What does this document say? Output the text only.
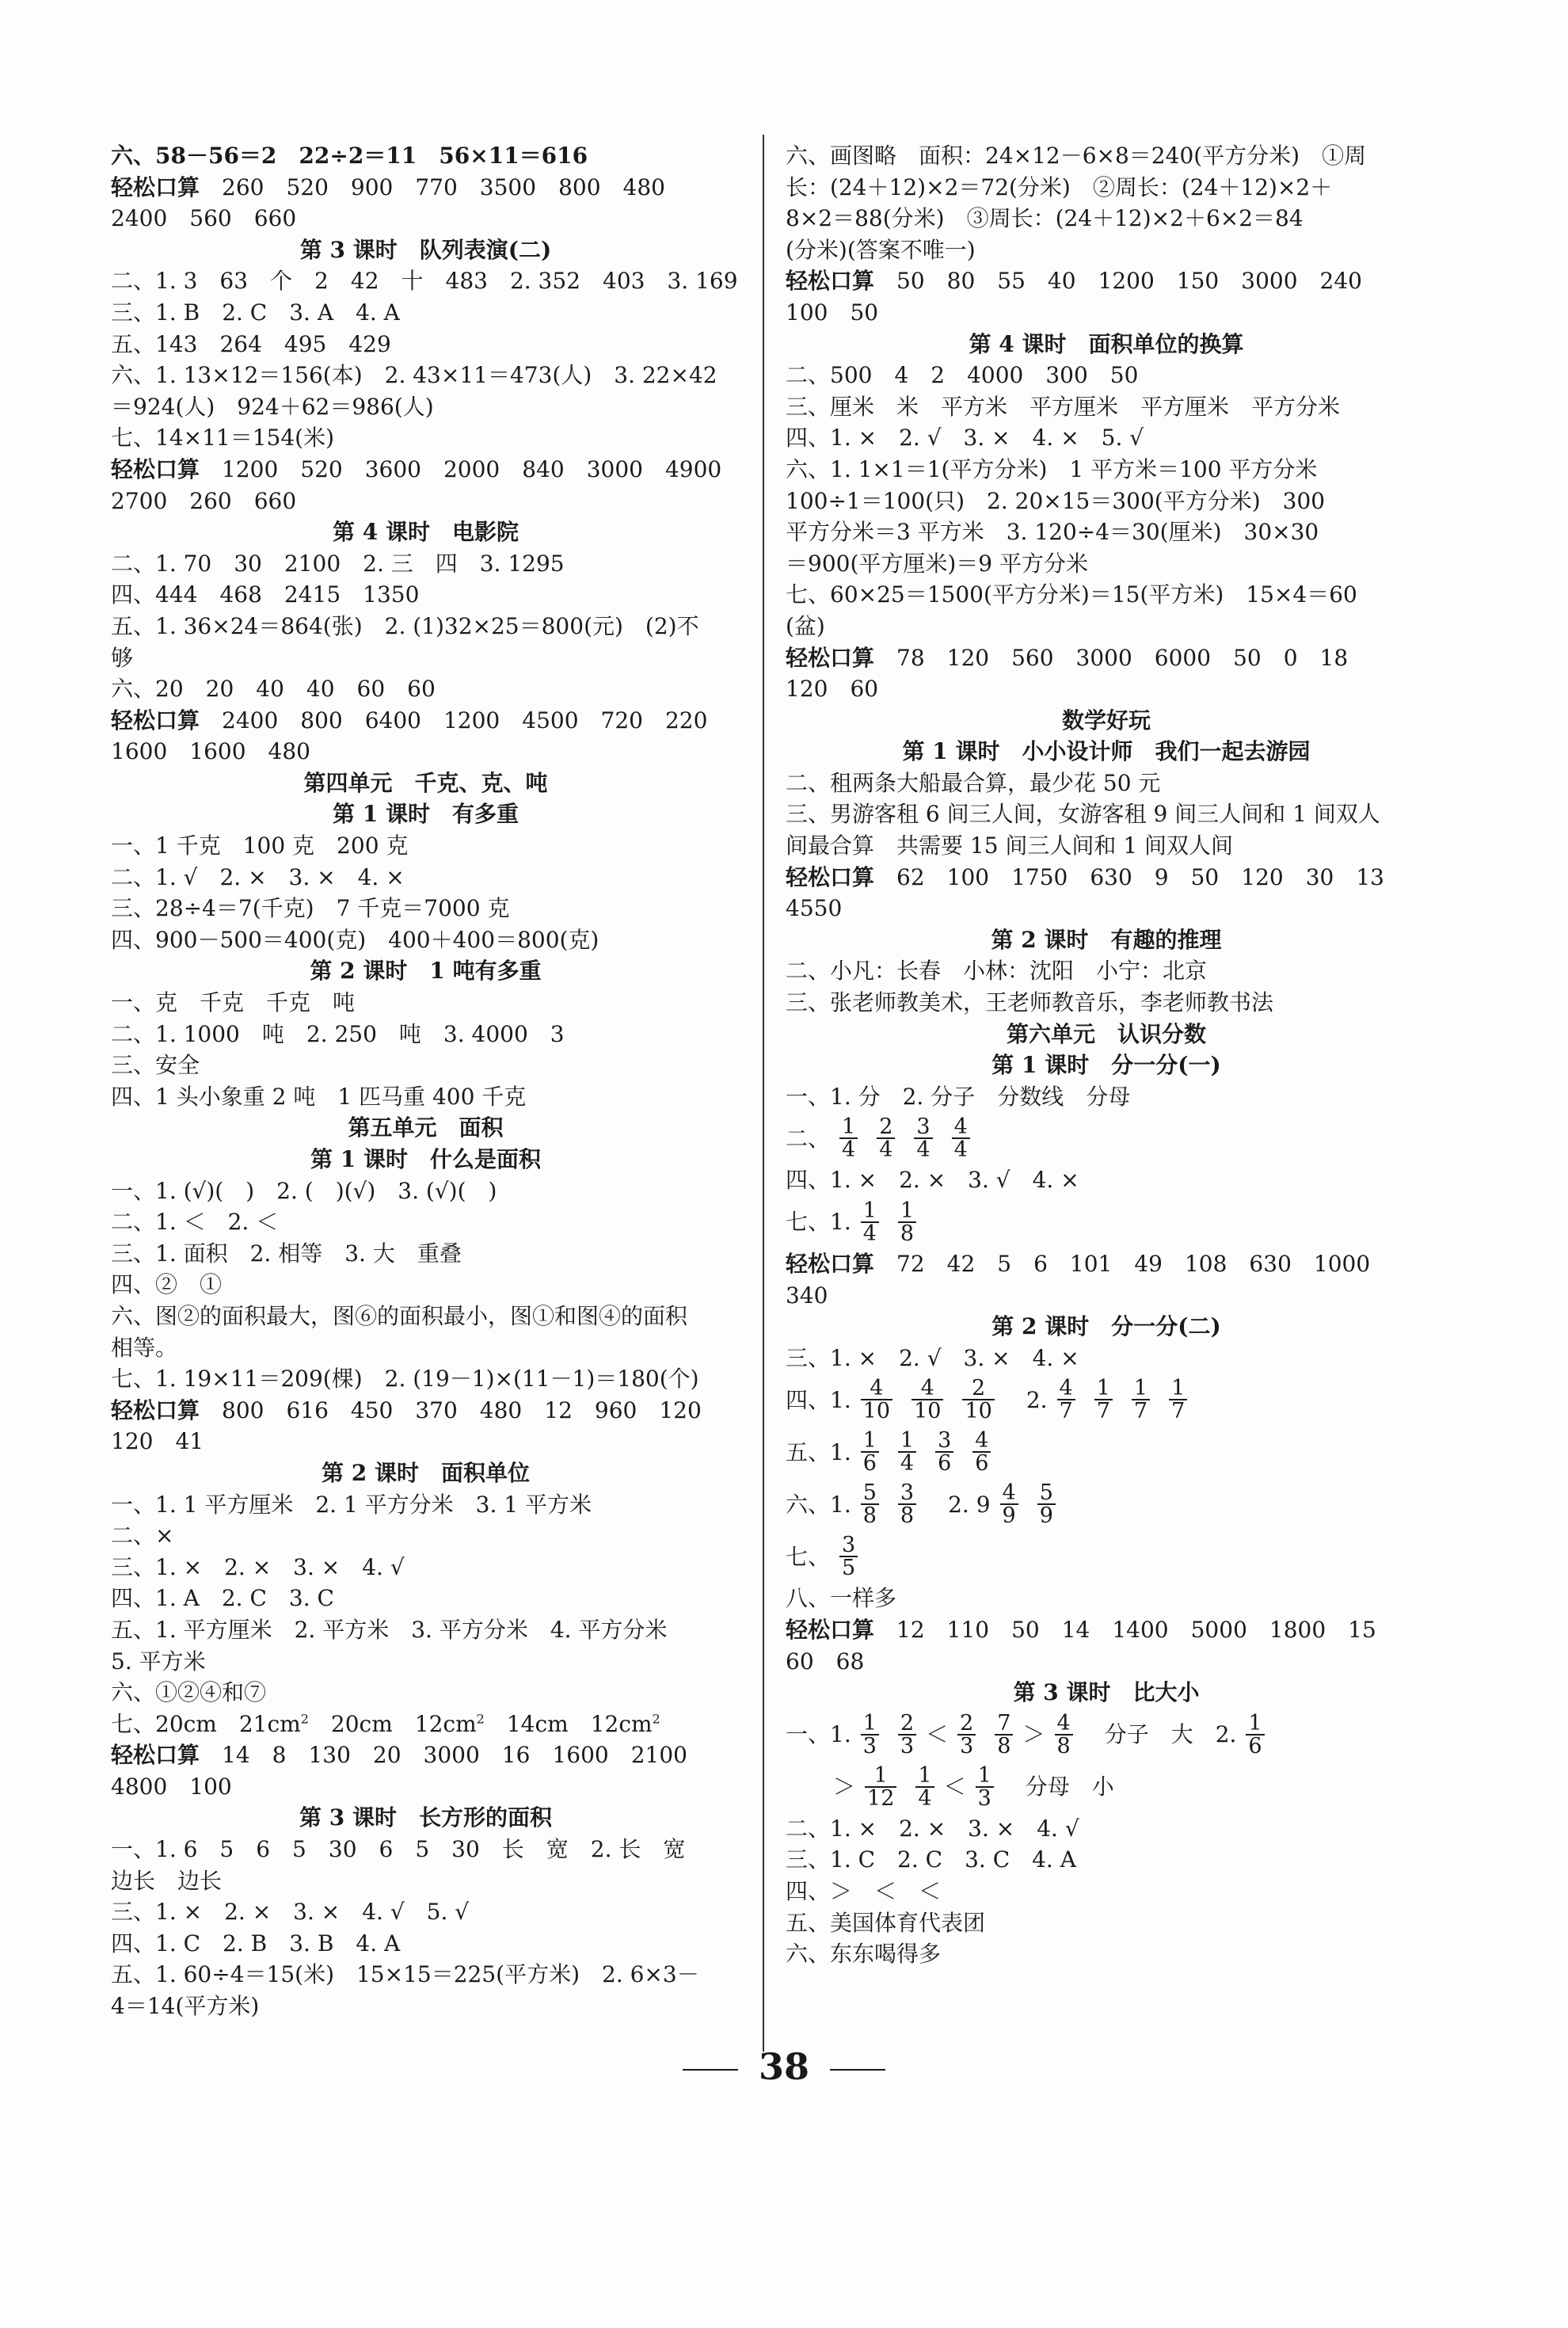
六、58－56＝2　22÷2＝11　56×11＝616
轻松口算　 260　520　900　770　3500　800　480
2400　560　660
第 3 课时　队列表演(二)
二、1. 3　63　个　2　42　十　483　2. 352　403　3. 169
三、1. B　2. C　3. A　4. A
五、143　264　495　429
六、1. 13×12＝156(本)　2. 43×11＝473(人)　3. 22×42
＝924(人)　924＋62＝986(人)
七、14×11＝154(米)
轻松口算　 1200　520　3600　2000　840　3000　4900
2700　260　660
第 4 课时　电影院
二、1. 70　30　2100　2. 三　四　3. 1295
四、444　468　2415　1350
五、1. 36×24＝864(张)　2. (1)32×25＝800(元)　(2)不
够
六、20　20　40　40　60　60
轻松口算　 2400　800　6400　1200　4500　720　220
1600　1600　480
第四单元　千克、克、吨
第 1 课时　有多重
一、1 千克　100 克　200 克
二、1. √　2. ×　3. ×　4. ×
三、28÷4＝7(千克)　7 千克＝7000 克
四、900－500＝400(克)　400＋400＝800(克)
第 2 课时　1 吨有多重
一、克　千克　千克　吨
二、1. 1000　吨　2. 250　吨　3. 4000　3
三、安全
四、1 头小象重 2 吨　1 匹马重 400 千克
第五单元　面积
第 1 课时　什么是面积
一、1. (√)(　)　2. (　)(√)　3. (√)(　)
二、1. ＜　2. ＜
三、1. 面积　2. 相等　3. 大　重叠
四、②　①
六、图②的面积最大，图⑥的面积最小，图①和图④的面积
相等。
七、1. 19×11＝209(棵)　2. (19－1)×(11－1)＝180(个)
轻松口算　 800　616　450　370　480　12　960　120
120　41
第 2 课时　面积单位
一、1. 1 平方厘米　2. 1 平方分米　3. 1 平方米
二、×
三、1. ×　2. ×　3. ×　4. √
四、1. A　2. C　3. C
五、1. 平方厘米　2. 平方米　3. 平方分米　4. 平方分米
5. 平方米
六、①②④和⑦
七、20cm　$21cm^2$　20cm　$12cm^2$　14cm　$12cm^2$
轻松口算　 14　8　130　20　3000　16　1600　2100
4800　100
第 3 课时　长方形的面积
一、1. 6　5　6　5　30　6　5　30　长　宽　2. 长　宽
边长　边长
三、1. ×　2. ×　3. ×　4. √　5. √
四、1. C　2. B　3. B　4. A
五、1. 60÷4＝15(米)　15×15＝225(平方米)　2. 6×3－
4＝14(平方米)
六、画图略　面积：24×12－6×8＝240(平方分米)　①周
长：(24＋12)×2＝72(分米)　②周长：(24＋12)×2＋
8×2＝88(分米)　③周长：(24＋12)×2＋6×2＝84
(分米)(答案不唯一)
轻松口算　 50　80　55　40　1200　150　3000　240
100　50
第 4 课时　面积单位的换算
二、500　4　2　4000　300　50
三、厘米　米　平方米　平方厘米　平方厘米　平方分米
四、1. ×　2. √　3. ×　4. ×　5. √
六、1. 1×1＝1(平方分米)　1 平方米＝100 平方分米
100÷1＝100(只)　2. 20×15＝300(平方分米)　300
平方分米＝3 平方米　3. 120÷4＝30(厘米)　30×30
＝900(平方厘米)＝9 平方分米
七、60×25＝1500(平方分米)＝15(平方米)　15×4＝60
(盆)
轻松口算　 78　120　560　3000　6000　50　0　18
120　60
数学好玩
第 1 课时　小小设计师　我们一起去游园
二、租两条大船最合算，最少花 50 元
三、男游客租 6 间三人间，女游客租 9 间三人间和 1 间双人
间最合算　共需要 15 间三人间和 1 间双人间
轻松口算　 62　100　1750　630　9　50　120　30　13
4550
第 2 课时　有趣的推理
二、小凡：长春　小林：沈阳　小宁：北京
三、张老师教美术，王老师教音乐，李老师教书法
第六单元　认识分数
第 1 课时　分一分(一)
一、1. 分　2. 分子　分数线　分母
二、 $\frac{1}{4} \frac{2}{4} \frac{3}{4} \frac{4}{4}$
四、1. ×　2. ×　3. √　4. ×
七、1. $\frac{1}{4} \frac{1}{8}$
轻松口算　 72　42　5　6　101　49　108　630　1000
340
第 2 课时　分一分(二)
三、1. ×　2. √　3. ×　4. ×
四、1. $\frac{4}{10} \frac{4}{10} \frac{2}{10}$
　 2. $\frac{4}{7} \frac{1}{7} \frac{1}{7} \frac{1}{7}$
五、1. $\frac{1}{6} \frac{1}{4} \frac{3}{6} \frac{4}{6}$
六、1. $\frac{5}{8} \frac{3}{8}$
　 2. $9 \frac{4}{9} \frac{5}{9}$
七、 $\frac{3}{5}$
八、一样多
轻松口算　 12　110　50　14　1400　5000　1800　15
60　68
第 3 课时　比大小
一、1. $\frac{1}{3} \frac{2}{3} < \frac{2}{3} \frac{7}{8} > \frac{4}{8}$
　 分子　大　2. $\frac{1}{6}$
＞ $\frac{1}{12} \frac{1}{4} < \frac{1}{3}$
　 分母　小
二、1. ×　2. ×　3. ×　4. √
三、1. C　2. C　3. C　4. A
四、＞　＜　＜
五、美国体育代表团
六、东东喝得多
38
